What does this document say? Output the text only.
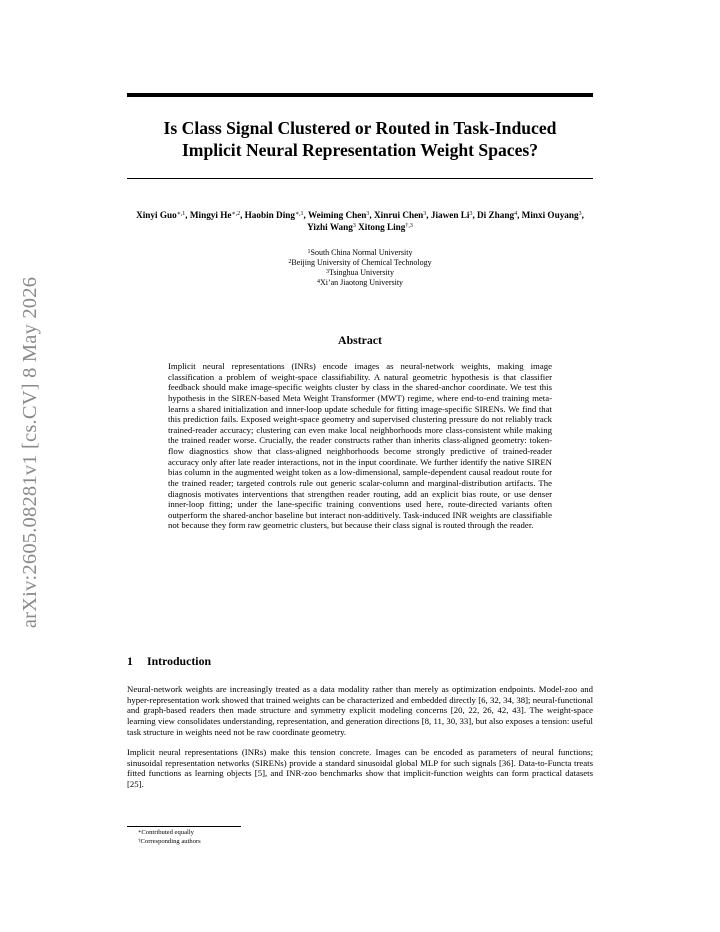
arXiv:2605.08281v1 [cs.CV] 8 May 2026
Is Class Signal Clustered or Routed in Task-Induced
Implicit Neural Representation Weight Spaces?
Xinyi Guo$^{∗,1}$, Mingyi $He^{∗,2}$, Haobin Ding$^{∗,1}$, Weiming Chen$^3$, Xinrui Chen$^3$, Jiawen Li$^3$, Di Zhang$^4$, Minxi Ouyang$^3$, Yizhi Wang$^3$ Xitong Ling$^{\dagger,3}$
$^1$South China Normal University
$^2$Beijing University of Chemical Technology
$^3$Tsinghua University
$^4$Xi’an Jiaotong University
Abstract

Implicit neural representations (INRs) encode images as neural-network weights, making image classification a problem of weight-space classifiability. A natural geometric hypothesis is that classifier feedback should make image-specific weights cluster by class in the shared-anchor coordinate. We test this hypothesis in the SIREN-based Meta Weight Transformer (MWT) regime, where end-to-end training meta-learns a shared initialization and inner-loop update schedule for fitting image-specific SIRENs. We find that this prediction fails. Exposed weight-space geometry and supervised clustering pressure do not reliably track trained-reader accuracy; clustering can even make local neighborhoods more class-consistent while making the trained reader worse. Crucially, the reader constructs rather than inherits class-aligned geometry: token-flow diagnostics show that class-aligned neighborhoods become strongly predictive of trained-reader accuracy only after late reader interactions, not in the input coordinate. We further identify the native SIREN bias column in the augmented weight token as a low-dimensional, sample-dependent causal readout route for the trained reader; targeted controls rule out generic scalar-column and marginal-distribution artifacts. The diagnosis motivates interventions that strengthen reader routing, add an explicit bias route, or use denser inner-loop fitting; under the lane-specific training conventions used here, route-directed variants often outperform the shared-anchor baseline but interact non-additively. Task-induced INR weights are classifiable not because they form raw geometric clusters, but because their class signal is routed through the reader.

1 Introduction

Neural-network weights are increasingly treated as a data modality rather than merely as optimization endpoints. Model-zoo and hyper-representation work showed that trained weights can be characterized and embedded directly [6, 32, 34, 38]; neural-functional and graph-based readers then made structure and symmetry explicit modeling concerns [20, 22, 26, 42, 43]. The weight-space learning view consolidates understanding, representation, and generation directions [8, 11, 30, 33], but also exposes a tension: useful task structure in weights need not be raw coordinate geometry.

Implicit neural representations (INRs) make this tension concrete. Images can be encoded as parameters of neural functions; sinusoidal representation networks (SIRENs) provide a standard sinusoidal global MLP for such signals [36]. Data-to-Functa treats fitted functions as learning objects [5], and INR-zoo benchmarks show that implicit-function weights can form practical datasets [25].

∗Contributed equally
†Corresponding authors
